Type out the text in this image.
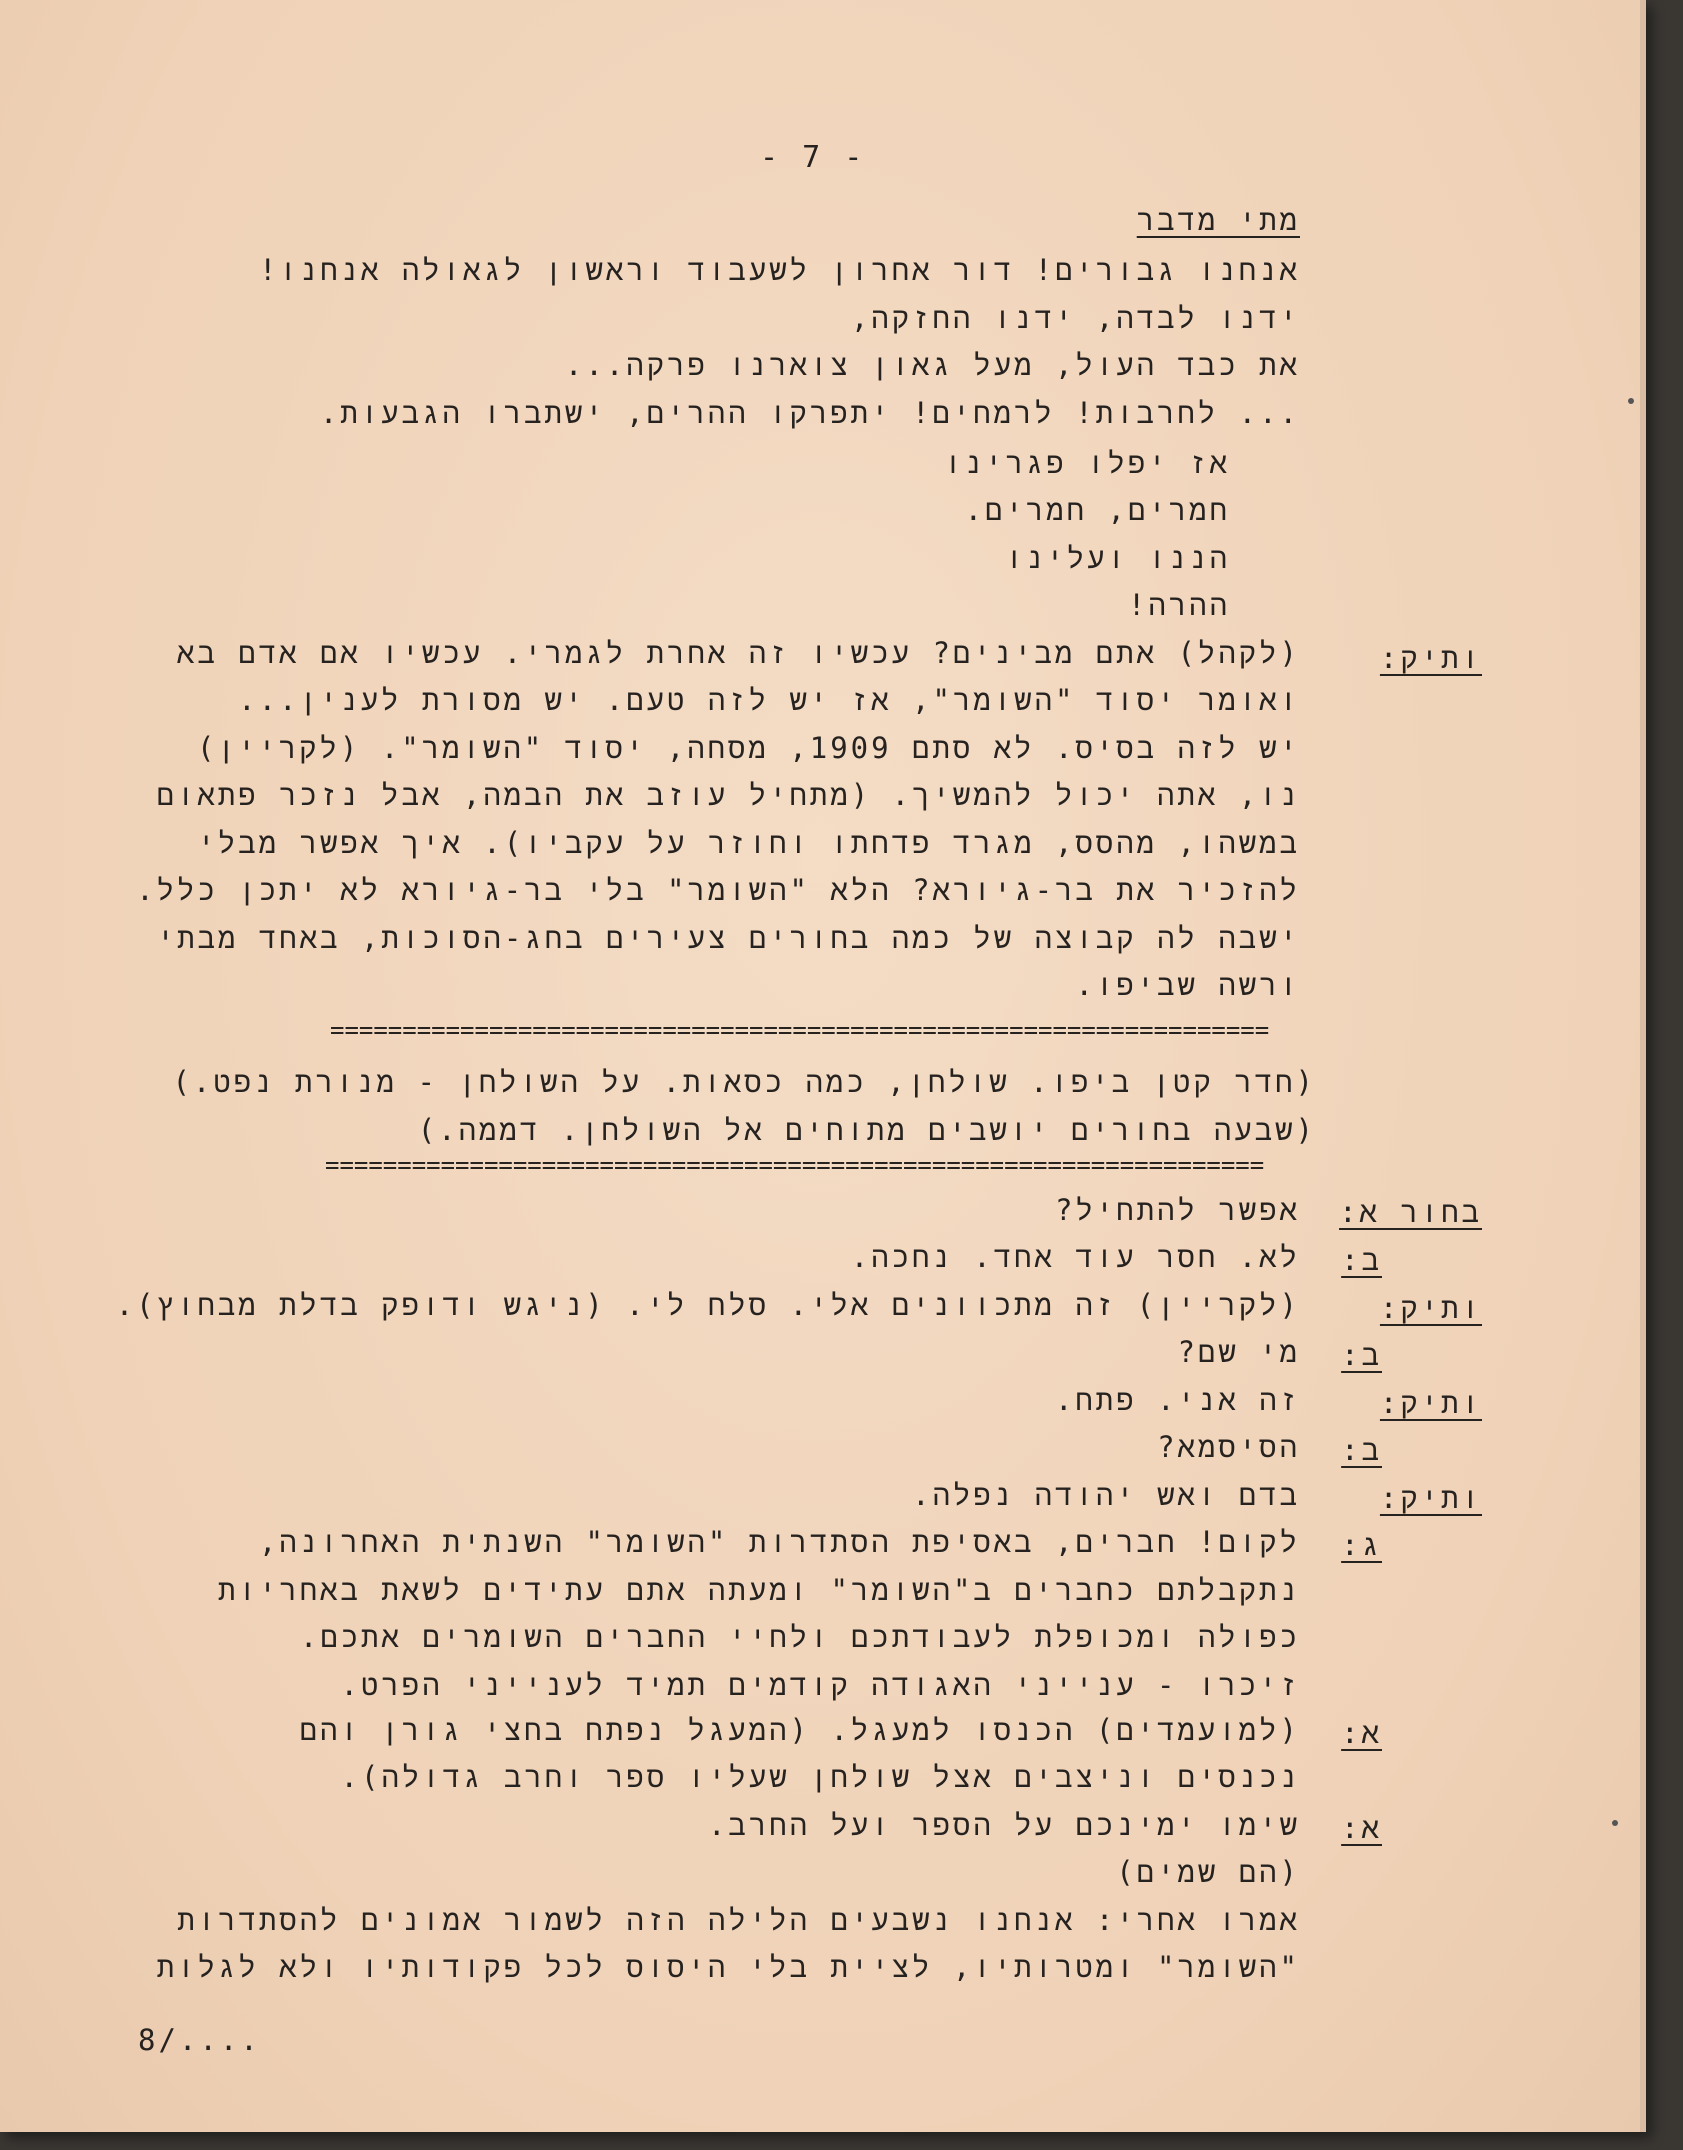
- 7 -
מתי מדבר
אנחנו גבורים! דור אחרון לשעבוד וראשון לגאולה אנחנו!
ידנו לבדה, ידנו החזקה,
את כבד העול, מעל גאון צוארנו פרקה...
... לחרבות! לרמחים! יתפרקו ההרים, ישתברו הגבעות.
אז יפלו פגרינו
חמרים, חמרים.
הננו ועלינו
ההרה!
ותיק:
(לקהל) אתם מבינים? עכשיו זה אחרת לגמרי. עכשיו אם אדם בא
ואומר יסוד "השומר", אז יש לזה טעם. יש מסורת לענין...
יש לזה בסיס. לא סתם 1909, מסחה, יסוד "השומר". (לקריין)
נו, אתה יכול להמשיך. (מתחיל עוזב את הבמה, אבל נזכר פתאום
במשהו, מהסס, מגרד פדחתו וחוזר על עקביו). איך אפשר מבלי
להזכיר את בר-גיורא? הלא "השומר" בלי בר-גיורא לא יתכן כלל.
ישבה לה קבוצה של כמה בחורים צעירים בחג-הסוכות, באחד מבתי
ורשה שביפו.
=================================================================
(חדר קטן ביפו. שולחן, כמה כסאות. על השולחן - מנורת נפט.)
(שבעה בחורים יושבים מתוחים אל השולחן. דממה.)
=================================================================
בחור א:
אפשר להתחיל?
ב:
לא. חסר עוד אחד. נחכה.
ותיק:
(לקריין) זה מתכוונים אלי. סלח לי. (ניגש ודופק בדלת מבחוץ).
ב:
מי שם?
ותיק:
זה אני. פתח.
ב:
הסיסמא?
ותיק:
בדם ואש יהודה נפלה.
ג:
לקום! חברים, באסיפת הסתדרות "השומר" השנתית האחרונה,
נתקבלתם כחברים ב"השומר" ומעתה אתם עתידים לשאת באחריות
כפולה ומכופלת לעבודתכם ולחיי החברים השומרים אתכם.
זיכרו - ענייני האגודה קודמים תמיד לענייני הפרט.
א:
(למועמדים) הכנסו למעגל. (המעגל נפתח בחצי גורן והם
נכנסים וניצבים אצל שולחן שעליו ספר וחרב גדולה).
א:
שימו ימינכם על הספר ועל החרב.
(הם שמים)
אמרו אחרי: אנחנו נשבעים הלילה הזה לשמור אמונים להסתדרות
"השומר" ומטרותיו, לציית בלי היסוס לכל פקודותיו ולא לגלות
8/....
